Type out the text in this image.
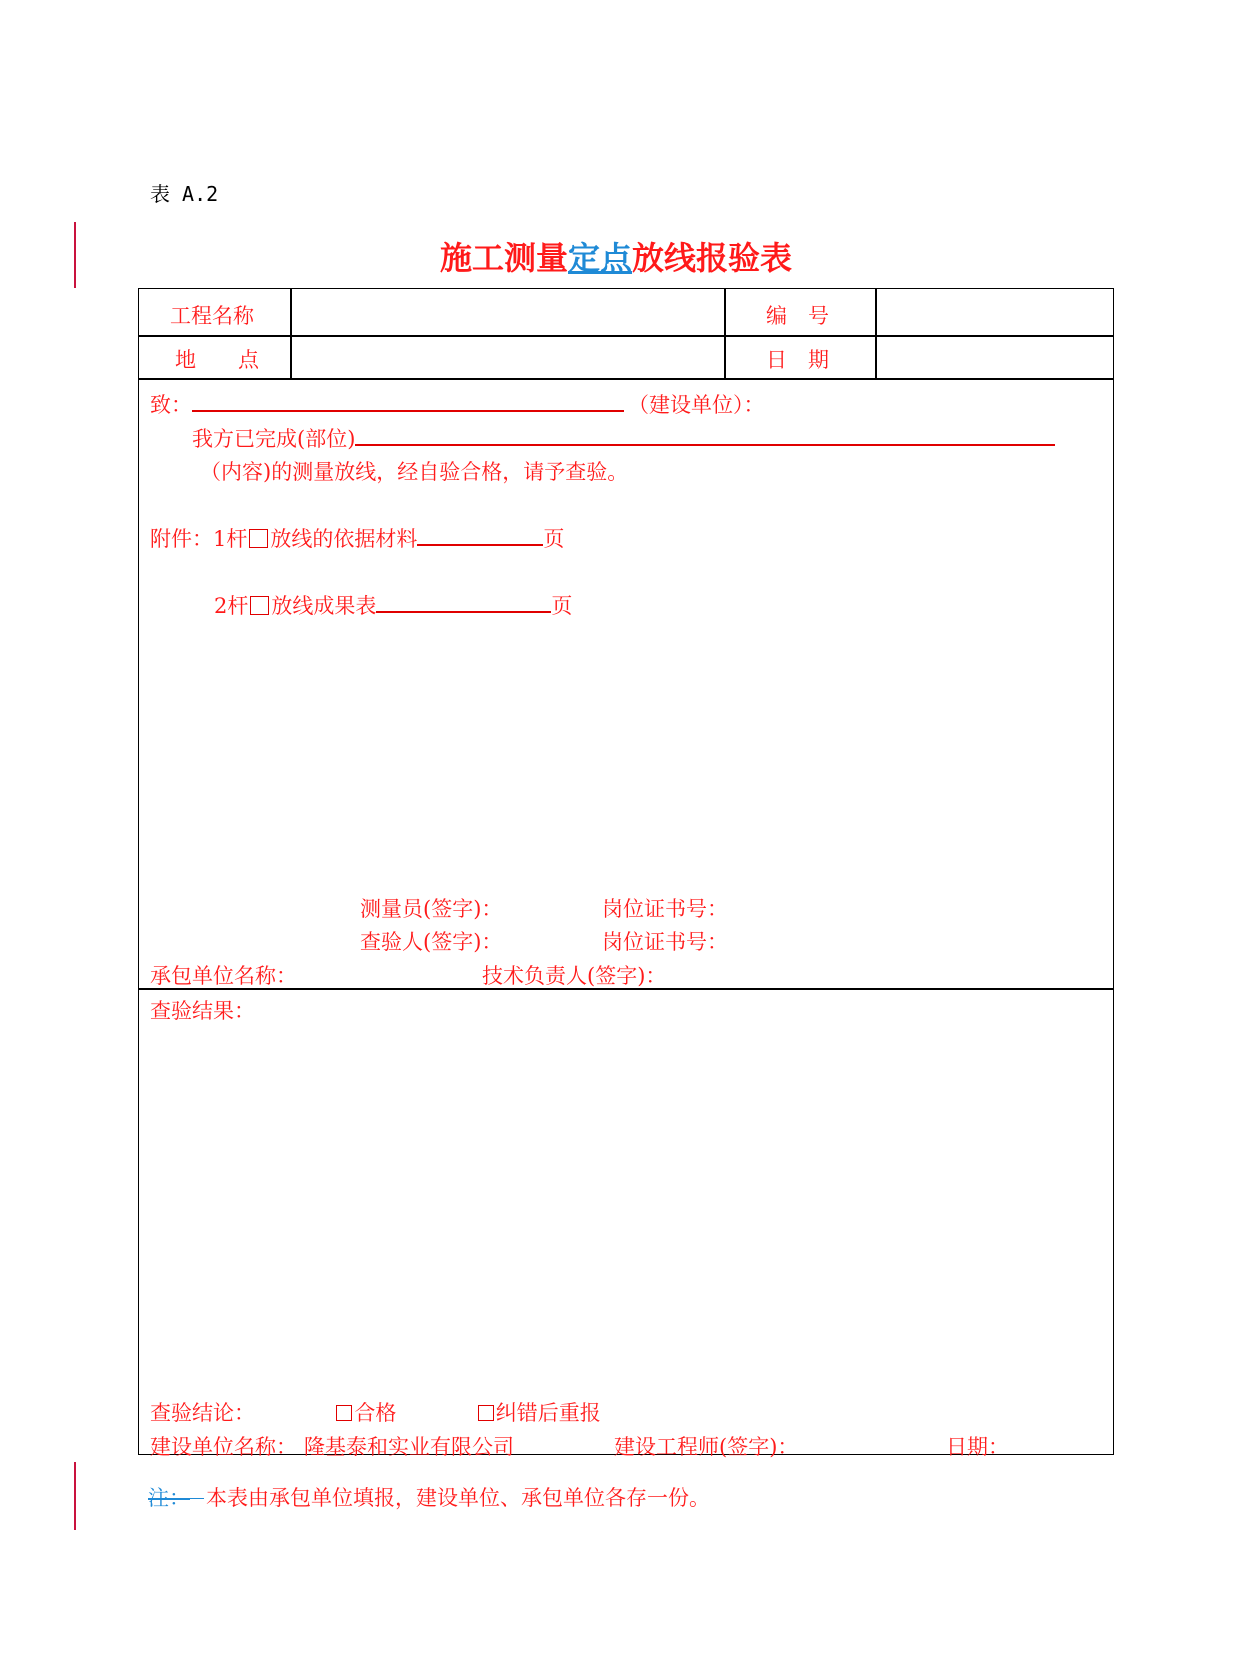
表 A.2
施工测量定点放线报验表
工程名称	编　号
地　　点	日　期
致：	（建设单位）：
我方已完成(部位)
（内容)的测量放线，经自验合格，请予查验。
附件：1杆 放线的依据材料	页
2杆 放线成果表	页
测量员(签字)：	岗位证书号：
查验人(签字)：	岗位证书号：
承包单位名称：	技术负责人(签字)：
查验结果：
查验结论：	合格	纠错后重报
建设单位名称： 隆基泰和实业有限公司	建设工程师(签字)：	日期：
注： 本表由承包单位填报，建设单位、承包单位各存一份。
